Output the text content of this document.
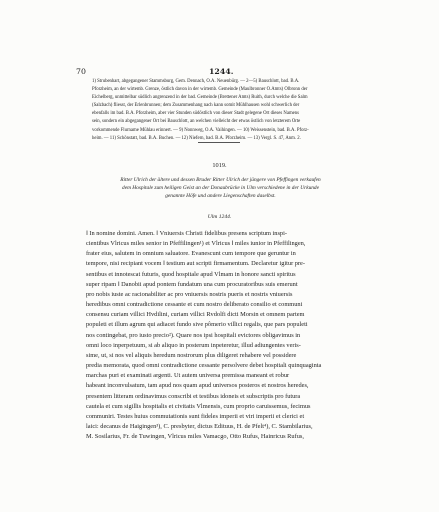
70	1244.
1) Strubenhart, abgegangener Stammsburg, Gem. Dennach, O.A. Neuenbürg. — 2—5) Bauschlott, bad. B.A.
Pforzheim, an der wirtemb. Grenze, östlich davon in der wirtemb. Gemeinde (Maulbronner O.Amts) Ölbronn der
Eichelberg, unmittelbar südlich angrenzend in der bad. Gemeinde (Brettener Amts) Ruith, durch welche die Salm
(Salzbach) fliesst, der Erlenbrunnen; dem Zusammenhang nach kann somit Mühlhausen wohl schwerlich der
ebenfalls im bad. B.A. Pforzheim, aber vier Stunden südöstlich von dieser Stadt gelegene Ort dieses Namens
sein, sondern ein abgegangener Ort bei Bauschlott, an welchen vielleicht der etwas östlich von letzterem Orte
vorkommende Flurname Mühlau erinnert. — 9) Nonnweg, O.A. Vaihingen. — 10) Weissenstein, bad. B.A. Pforz-
heim. — 11) Schönstatt, bad. B.A. Buchen. — 12) Niefern, bad. B.A. Pforzheim. — 13) Vergl. S. 47, Anm. 2.
1019.
Ritter Ulrich der ältere und dessen Bruder Ritter Ulrich der jüngere von Pfeffingen verkaufen
dem Hospitale zum heiligen Geist an der Donaubrücke in Ulm verschiedene in der Urkunde
genannte Höfe und andere Liegenschaften daselbst.
Ulm 1244.
‖ In nomine domini. Amen. ‖ Vniuersis Christi fidelibus presens scriptum inspi-
cientibus Vlricus miles senior in Pfeffilingen¹) et Vlricus ‖ miles iunior in Pfeffilingen,
frater eius, salutem in omnium saluatore. Evanescunt cum tempore que geruntur in
tempore, nisi recipiant vocem ‖ testium aut scripti firmamentum. Declaretur igitur pre-
sentibus et innotescat futuris, quod hospitale apud Vlmam in honore sancti spiritus
super ripam ‖ Danobii apud pontem fundatum una cum procuratoribus suis emerunt
pro nobis iuste ac racionabiliter ac pro vniuersis nostris pueris et nostris vniuersis
heredibus omni contradictione cessante et cum nostro deliberato consilio et communi
consensu curiam villici Hvdilini, curiam villici Rvdolfi dicti Morsin et omnem partem
populeti et illum agrum qui adiacet fundo sive pômerio villici regalis, que pars populeti
nos contingebat, pro iusto precio²). Quare nos ipsi hospitali evictores obligavimus in
omni loco inperpetuum, si ab aliquo in posterum inpeteretur, illud adiungentes veris-
sime, ut, si nos vel aliquis heredum nostrorum plus diligeret rehabere vel possidere
predia memorata, quod omni contradictione cessante persolvere debet hospitali quinquaginta
marchas puri et examinati argenti. Ut autem universa premissa maneant et robur
habeant inconvulsatum, tam apud nos quam apud universos posteros et nostros heredes,
presentem litteram ordinavimus conscribi et testibus idoneis et subscriptis pro futura
cautela et cum sigillis hospitalis et civitatis Vlmensis, cum proprio caruissemus, fecimus
communiri. Testes huius commutationis sunt fideles imperii et viri imperii et clerici et
laici: decanus de Haigingen³), C. presbyter, dictus Edituus, H. de Pfelt⁴), C. Stambilarius,
M. Sosilarius, Fr. de Tuwingen, Vlricus miles Vamacgo, Otto Rufus, Hainricus Rufus,
